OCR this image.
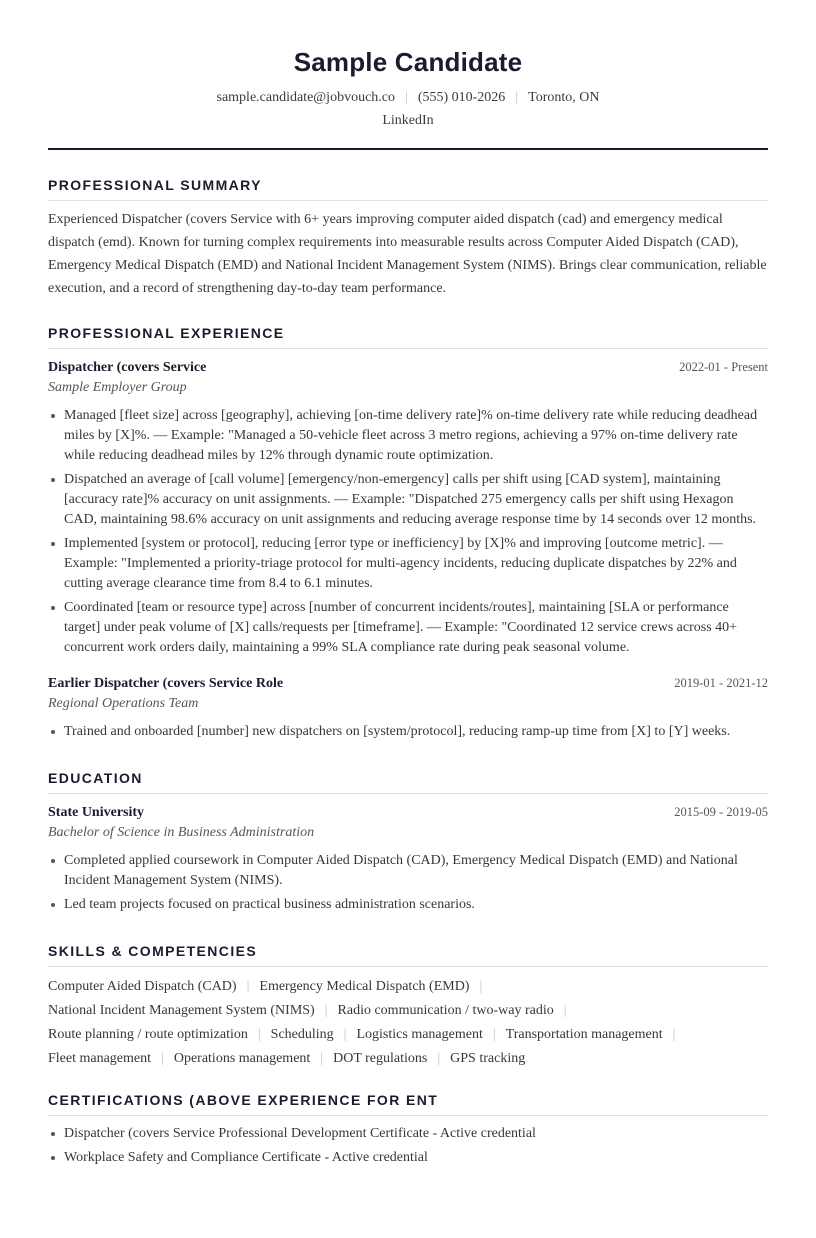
Sample Candidate
sample.candidate@jobvouch.co | (555) 010-2026 | Toronto, ON
LinkedIn
PROFESSIONAL SUMMARY
Experienced Dispatcher (covers Service with 6+ years improving computer aided dispatch (cad) and emergency medical
dispatch (emd). Known for turning complex requirements into measurable results across Computer Aided Dispatch (CAD),
Emergency Medical Dispatch (EMD) and National Incident Management System (NIMS). Brings clear communication, reliable
execution, and a record of strengthening day-to-day team performance.
PROFESSIONAL EXPERIENCE
Dispatcher (covers Service	2022-01 - Present
Sample Employer Group
Managed [fleet size] across [geography], achieving [on-time delivery rate]% on-time delivery rate while reducing deadhead
miles by [X]%. — Example: "Managed a 50-vehicle fleet across 3 metro regions, achieving a 97% on-time delivery rate
while reducing deadhead miles by 12% through dynamic route optimization.
Dispatched an average of [call volume] [emergency/non-emergency] calls per shift using [CAD system], maintaining
[accuracy rate]% accuracy on unit assignments. — Example: "Dispatched 275 emergency calls per shift using Hexagon
CAD, maintaining 98.6% accuracy on unit assignments and reducing average response time by 14 seconds over 12 months.
Implemented [system or protocol], reducing [error type or inefficiency] by [X]% and improving [outcome metric]. —
Example: "Implemented a priority-triage protocol for multi-agency incidents, reducing duplicate dispatches by 22% and
cutting average clearance time from 8.4 to 6.1 minutes.
Coordinated [team or resource type] across [number of concurrent incidents/routes], maintaining [SLA or performance
target] under peak volume of [X] calls/requests per [timeframe]. — Example: "Coordinated 12 service crews across 40+
concurrent work orders daily, maintaining a 99% SLA compliance rate during peak seasonal volume.
Earlier Dispatcher (covers Service Role	2019-01 - 2021-12
Regional Operations Team
Trained and onboarded [number] new dispatchers on [system/protocol], reducing ramp-up time from [X] to [Y] weeks.
EDUCATION
State University	2015-09 - 2019-05
Bachelor of Science in Business Administration
Completed applied coursework in Computer Aided Dispatch (CAD), Emergency Medical Dispatch (EMD) and National
Incident Management System (NIMS).
Led team projects focused on practical business administration scenarios.
SKILLS & COMPETENCIES
Computer Aided Dispatch (CAD) | Emergency Medical Dispatch (EMD) |
National Incident Management System (NIMS) | Radio communication / two-way radio |
Route planning / route optimization | Scheduling | Logistics management | Transportation management |
Fleet management | Operations management | DOT regulations | GPS tracking
CERTIFICATIONS (ABOVE EXPERIENCE FOR ENT
Dispatcher (covers Service Professional Development Certificate - Active credential
Workplace Safety and Compliance Certificate - Active credential
